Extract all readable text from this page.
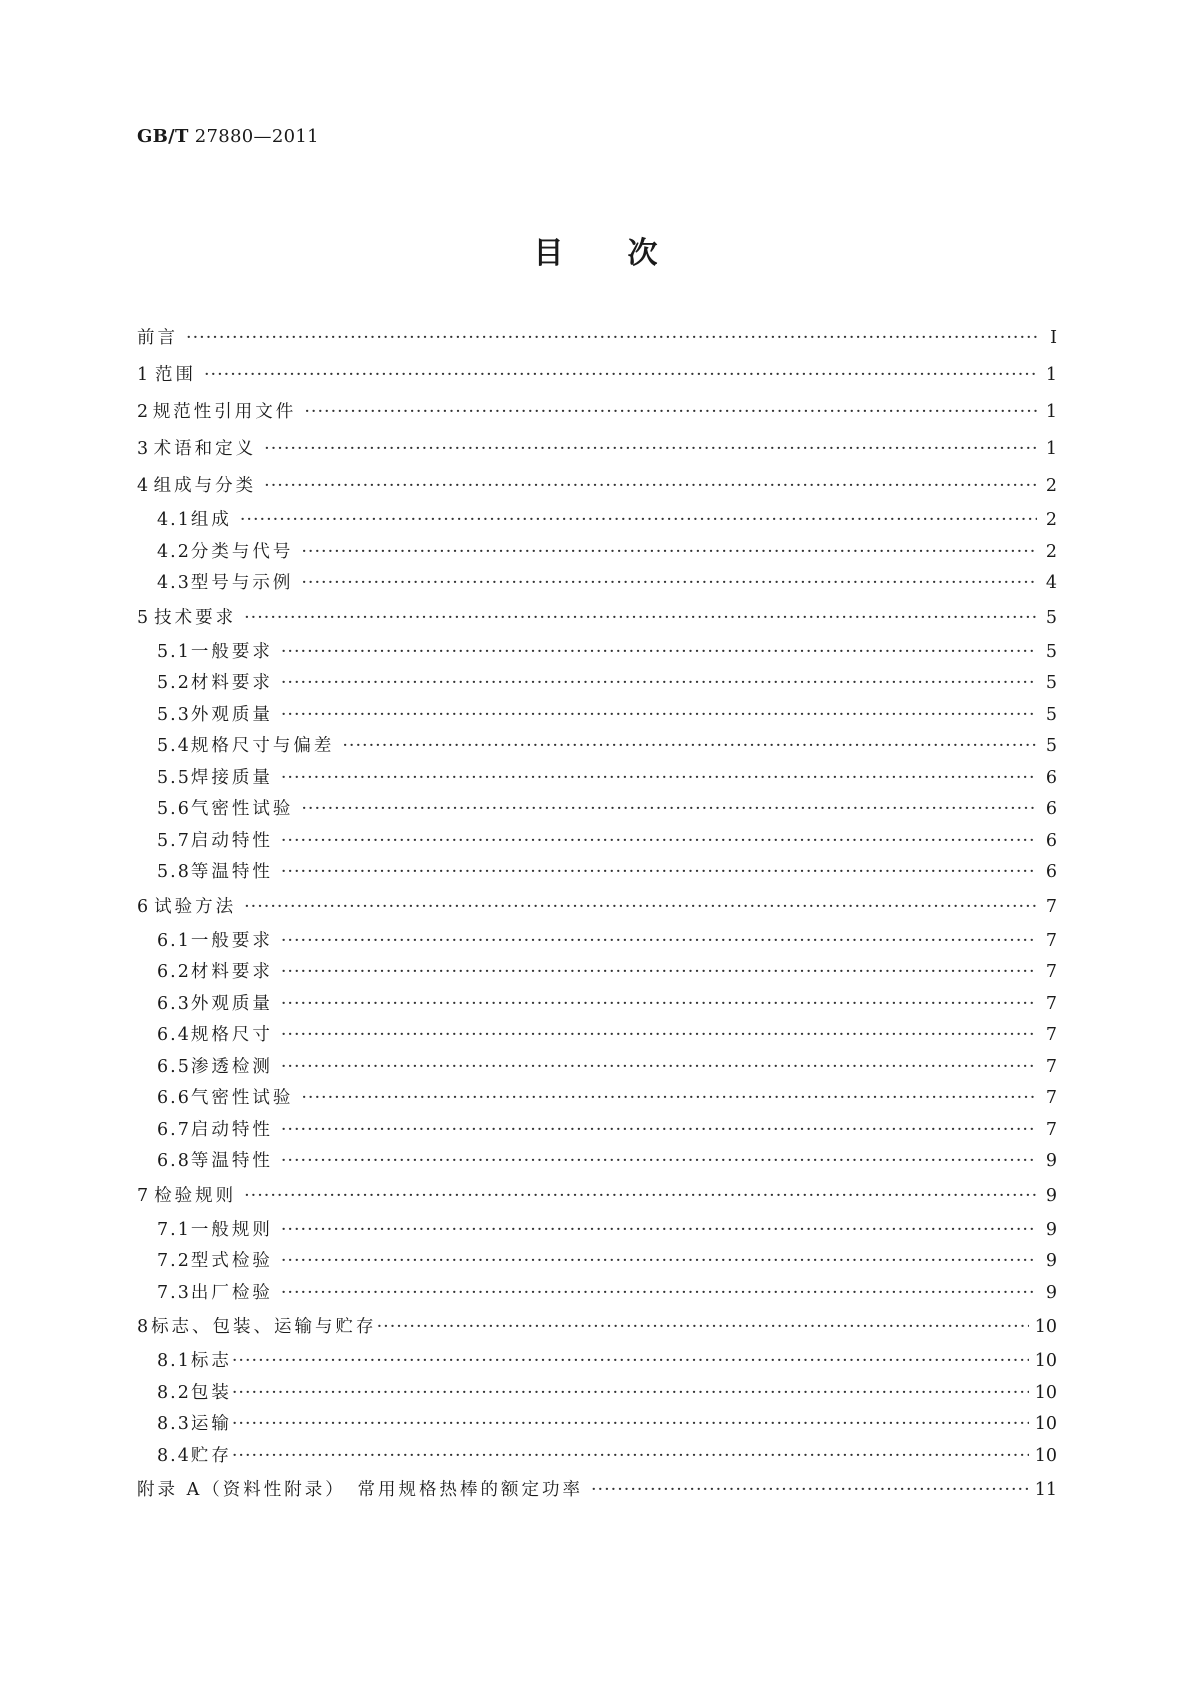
GB/T 27880—2011
目 次
前言 ·····	Ⅰ
1 范围 ·····	1
2 规范性引用文件 ·····	1
3 术语和定义 ·····	1
4 组成与分类 ·····	2
4.1 组成 ·····	2
4.2 分类与代号 ·····	2
4.3 型号与示例 ·····	4
5 技术要求 ·····	5
5.1 一般要求 ·····	5
5.2 材料要求 ·····	5
5.3 外观质量 ·····	5
5.4 规格尺寸与偏差 ·····	5
5.5 焊接质量 ·····	6
5.6 气密性试验 ·····	6
5.7 启动特性 ·····	6
5.8 等温特性 ·····	6
6 试验方法 ·····	7
6.1 一般要求 ·····	7
6.2 材料要求 ·····	7
6.3 外观质量 ·····	7
6.4 规格尺寸 ·····	7
6.5 渗透检测 ·····	7
6.6 气密性试验 ·····	7
6.7 启动特性 ·····	7
6.8 等温特性 ·····	9
7 检验规则 ·····	9
7.1 一般规则 ·····	9
7.2 型式检验 ·····	9
7.3 出厂检验 ·····	9
8 标志、包装、运输与贮存 ·····	10
8.1 标志 ·····	10
8.2 包装 ·····	10
8.3 运输 ·····	10
8.4 贮存 ·····	10
附录 A（资料性附录）　常用规格热棒的额定功率 ·····	11
